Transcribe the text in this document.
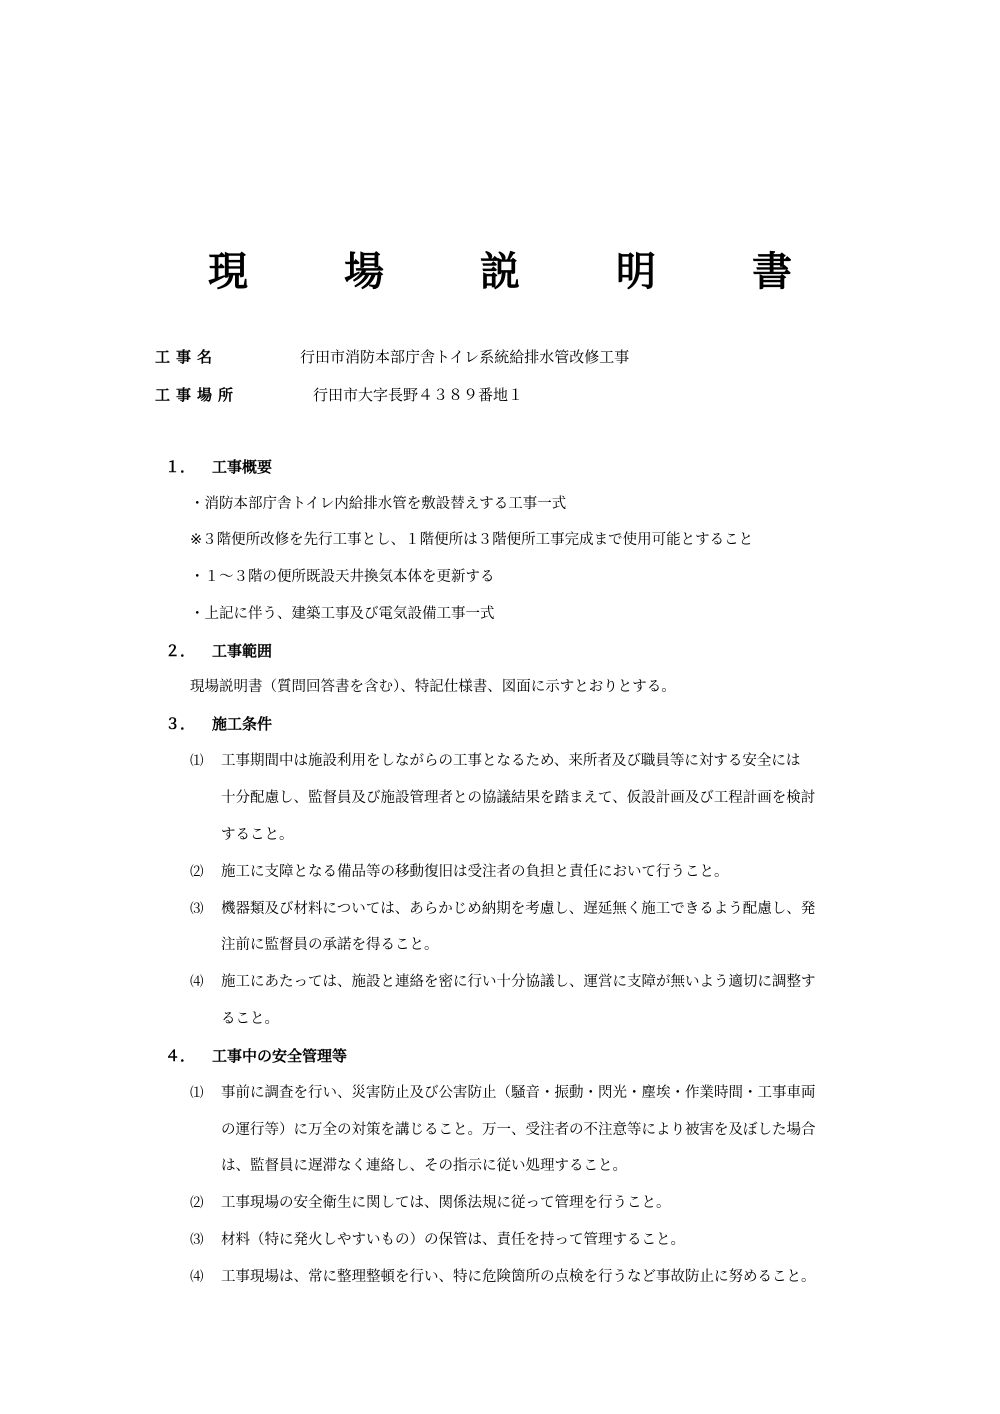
現 場 説 明 書
工事名	行田市消防本部庁舎トイレ系統給排水管改修工事
工事場所	行田市大字長野４３８９番地１
１． 工事概要
・消防本部庁舎トイレ内給排水管を敷設替えする工事一式
※３階便所改修を先行工事とし、１階便所は３階便所工事完成まで使用可能とすること
・１～３階の便所既設天井換気本体を更新する
・上記に伴う、建築工事及び電気設備工事一式
２． 工事範囲
現場説明書（質問回答書を含む）、特記仕様書、図面に示すとおりとする。
３． 施工条件
⑴ 工事期間中は施設利用をしながらの工事となるため、来所者及び職員等に対する安全には
十分配慮し、監督員及び施設管理者との協議結果を踏まえて、仮設計画及び工程計画を検討
すること。
⑵ 施工に支障となる備品等の移動復旧は受注者の負担と責任において行うこと。
⑶ 機器類及び材料については、あらかじめ納期を考慮し、遅延無く施工できるよう配慮し、発
注前に監督員の承諾を得ること。
⑷ 施工にあたっては、施設と連絡を密に行い十分協議し、運営に支障が無いよう適切に調整す
ること。
４． 工事中の安全管理等
⑴ 事前に調査を行い、災害防止及び公害防止（騒音・振動・閃光・塵埃・作業時間・工事車両
の運行等）に万全の対策を講じること。万一、受注者の不注意等により被害を及ぼした場合
は、監督員に遅滞なく連絡し、その指示に従い処理すること。
⑵ 工事現場の安全衛生に関しては、関係法規に従って管理を行うこと。
⑶ 材料（特に発火しやすいもの）の保管は、責任を持って管理すること。
⑷ 工事現場は、常に整理整頓を行い、特に危険箇所の点検を行うなど事故防止に努めること。
